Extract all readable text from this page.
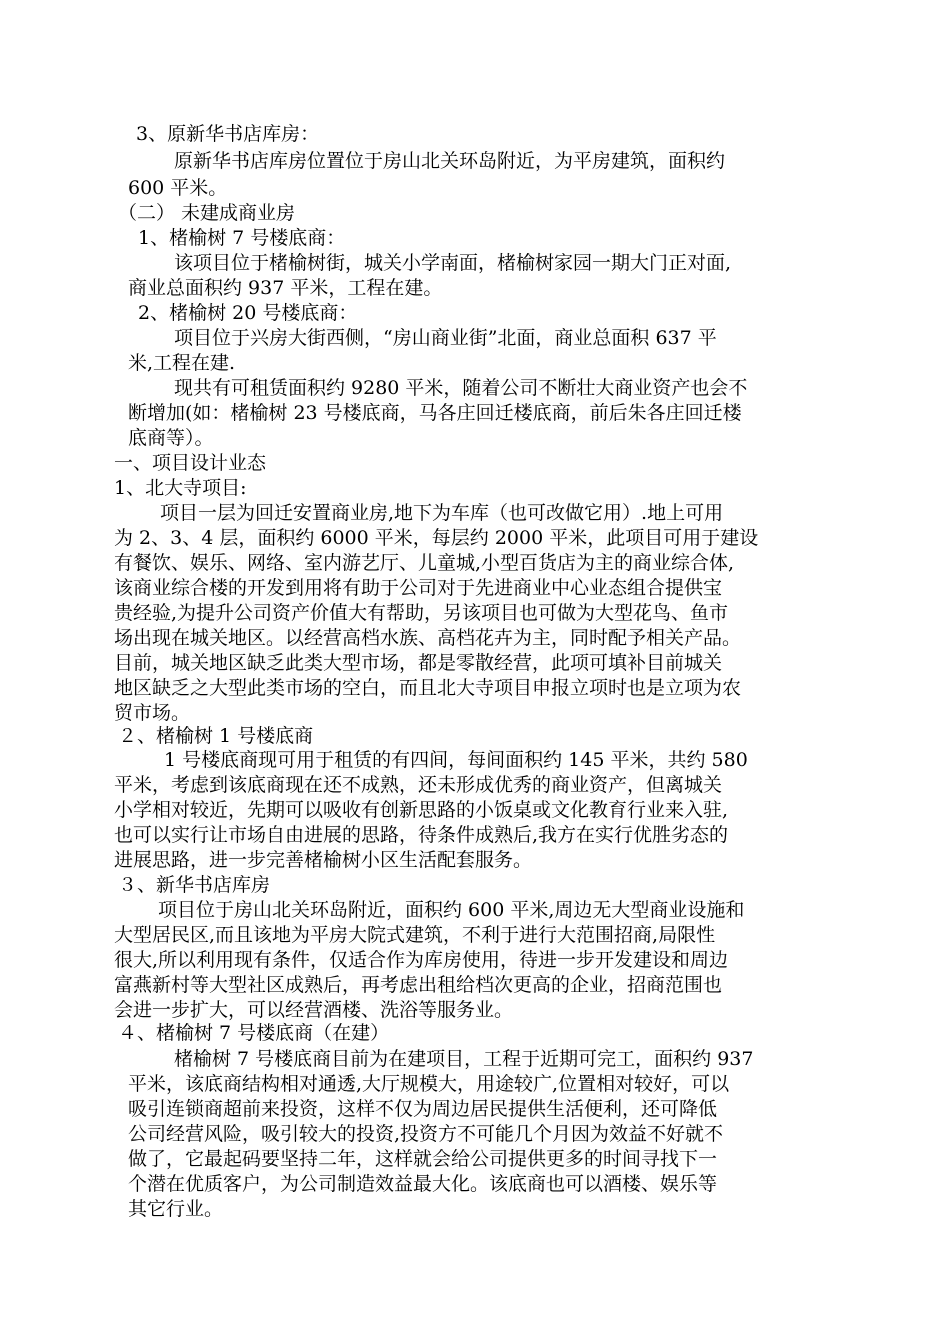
3、原新华书店库房：
原新华书店库房位置位于房山北关环岛附近，为平房建筑，面积约
600 平米。
（二） 未建成商业房
1、楮榆树 7 号楼底商：
该项目位于楮榆树街，城关小学南面，楮榆树家园一期大门正对面,
商业总面积约 937 平米，工程在建。
2、楮榆树 20 号楼底商：
项目位于兴房大街西侧，“房山商业街”北面，商业总面积 637 平
米,工程在建.
现共有可租赁面积约 9280 平米，随着公司不断壮大商业资产也会不
断增加(如：楮榆树 23 号楼底商，马各庄回迁楼底商，前后朱各庄回迁楼
底商等）。
一、项目设计业态
1、北大寺项目:
项目一层为回迁安置商业房,地下为车库（也可改做它用）.地上可用
为 2、3、4 层，面积约 6000 平米，每层约 2000 平米，此项目可用于建设
有餐饮、娱乐、网络、室内游艺厅、儿童城,小型百货店为主的商业综合体,
该商业综合楼的开发到用将有助于公司对于先进商业中心业态组合提供宝
贵经验,为提升公司资产价值大有帮助，另该项目也可做为大型花鸟、鱼市
场出现在城关地区。以经营高档水族、高档花卉为主，同时配予相关产品。
目前，城关地区缺乏此类大型市场，都是零散经营，此项可填补目前城关
地区缺乏之大型此类市场的空白，而且北大寺项目申报立项时也是立项为农
贸市场。
２、楮榆树 1 号楼底商
1 号楼底商现可用于租赁的有四间，每间面积约 145 平米，共约 580
平米，考虑到该底商现在还不成熟，还未形成优秀的商业资产，但离城关
小学相对较近，先期可以吸收有创新思路的小饭桌或文化教育行业来入驻,
也可以实行让市场自由进展的思路，待条件成熟后,我方在实行优胜劣态的
进展思路，进一步完善楮榆树小区生活配套服务。
３、新华书店库房
项目位于房山北关环岛附近，面积约 600 平米,周边无大型商业设施和
大型居民区,而且该地为平房大院式建筑，不利于进行大范围招商,局限性
很大,所以利用现有条件，仅适合作为库房使用，待进一步开发建设和周边
富燕新村等大型社区成熟后，再考虑出租给档次更高的企业，招商范围也
会进一步扩大，可以经营酒楼、洗浴等服务业。
４、楮榆树 7 号楼底商（在建）
楮榆树 7 号楼底商目前为在建项目，工程于近期可完工，面积约 937
平米，该底商结构相对通透,大厅规模大，用途较广,位置相对较好，可以
吸引连锁商超前来投资，这样不仅为周边居民提供生活便利，还可降低
公司经营风险，吸引较大的投资,投资方不可能几个月因为效益不好就不
做了，它最起码要坚持二年，这样就会给公司提供更多的时间寻找下一
个潜在优质客户，为公司制造效益最大化。该底商也可以酒楼、娱乐等
其它行业。
